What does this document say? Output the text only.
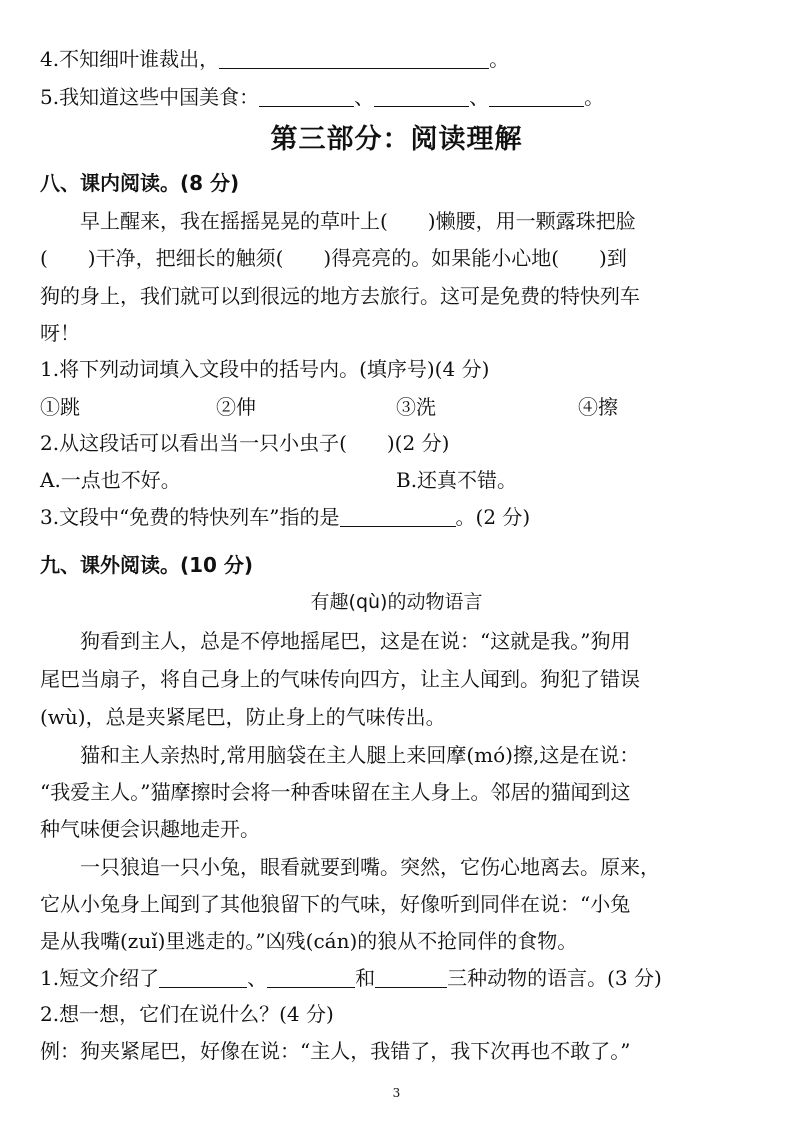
4.不知细叶谁裁出，	。
5.我知道这些中国美食：	、	、	。
第三部分：阅读理解
八、课内阅读。(8 分)
早上醒来，我在摇摇晃晃的草叶上(　　)懒腰，用一颗露珠把脸
(　　)干净，把细长的触须(　　)得亮亮的。如果能小心地(　　)到
狗的身上，我们就可以到很远的地方去旅行。这可是免费的特快列车
呀！
1.将下列动词填入文段中的括号内。(填序号)(4 分)
①跳	②伸	③洗	④擦
2.从这段话可以看出当一只小虫子(　　)(2 分)
A.一点也不好。	B.还真不错。
3.文段中“免费的特快列车”指的是	。(2 分)
九、课外阅读。(10 分)
有趣(qù)的动物语言
狗看到主人，总是不停地摇尾巴，这是在说：“这就是我。”狗用
尾巴当扇子，将自己身上的气味传向四方，让主人闻到。狗犯了错误
(wù)，总是夹紧尾巴，防止身上的气味传出。
猫和主人亲热时,常用脑袋在主人腿上来回摩(mó)擦,这是在说：
“我爱主人。”猫摩擦时会将一种香味留在主人身上。邻居的猫闻到这
种气味便会识趣地走开。
一只狼追一只小兔，眼看就要到嘴。突然，它伤心地离去。原来，
它从小兔身上闻到了其他狼留下的气味，好像听到同伴在说：“小兔
是从我嘴(zuǐ)里逃走的。”凶残(cán)的狼从不抢同伴的食物。
1.短文介绍了	、	和	三种动物的语言。(3 分)
2.想一想，它们在说什么？(4 分)
例：狗夹紧尾巴，好像在说：“主人，我错了，我下次再也不敢了。”
3
